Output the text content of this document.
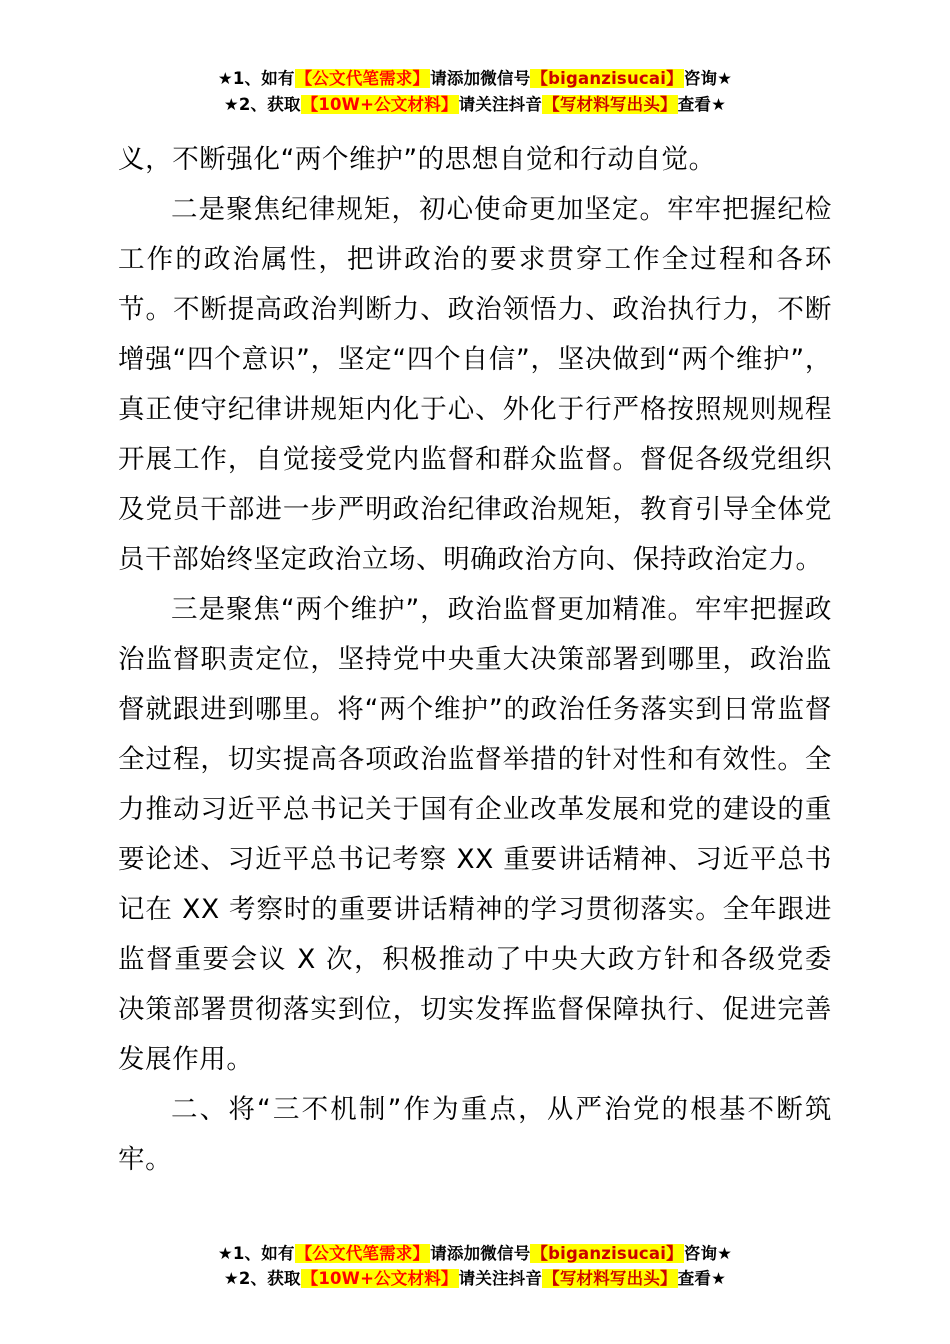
★1、如有【公文代笔需求】请添加微信号【biganzisucai】咨询★
★2、获取【10W+公文材料】请关注抖音【写材料写出头】查看★

义，不断强化“两个维护”的思想自觉和行动自觉。

二是聚焦纪律规矩，初心使命更加坚定。牢牢把握纪检工作的政治属性，把讲政治的要求贯穿工作全过程和各环节。不断提高政治判断力、政治领悟力、政治执行力，不断增强“四个意识”，坚定“四个自信”，坚决做到“两个维护”，真正使守纪律讲规矩内化于心、外化于行严格按照规则规程开展工作，自觉接受党内监督和群众监督。督促各级党组织及党员干部进一步严明政治纪律政治规矩，教育引导全体党员干部始终坚定政治立场、明确政治方向、保持政治定力。

三是聚焦“两个维护”，政治监督更加精准。牢牢把握政治监督职责定位，坚持党中央重大决策部署到哪里，政治监督就跟进到哪里。将“两个维护”的政治任务落实到日常监督全过程，切实提高各项政治监督举措的针对性和有效性。全力推动习近平总书记关于国有企业改革发展和党的建设的重要论述、习近平总书记考察 XX 重要讲话精神、习近平总书记在 XX 考察时的重要讲话精神的学习贯彻落实。全年跟进监督重要会议 X 次，积极推动了中央大政方针和各级党委决策部署贯彻落实到位，切实发挥监督保障执行、促进完善发展作用。

二、将“三不机制”作为重点，从严治党的根基不断筑牢。

★1、如有【公文代笔需求】请添加微信号【biganzisucai】咨询★
★2、获取【10W+公文材料】请关注抖音【写材料写出头】查看★
